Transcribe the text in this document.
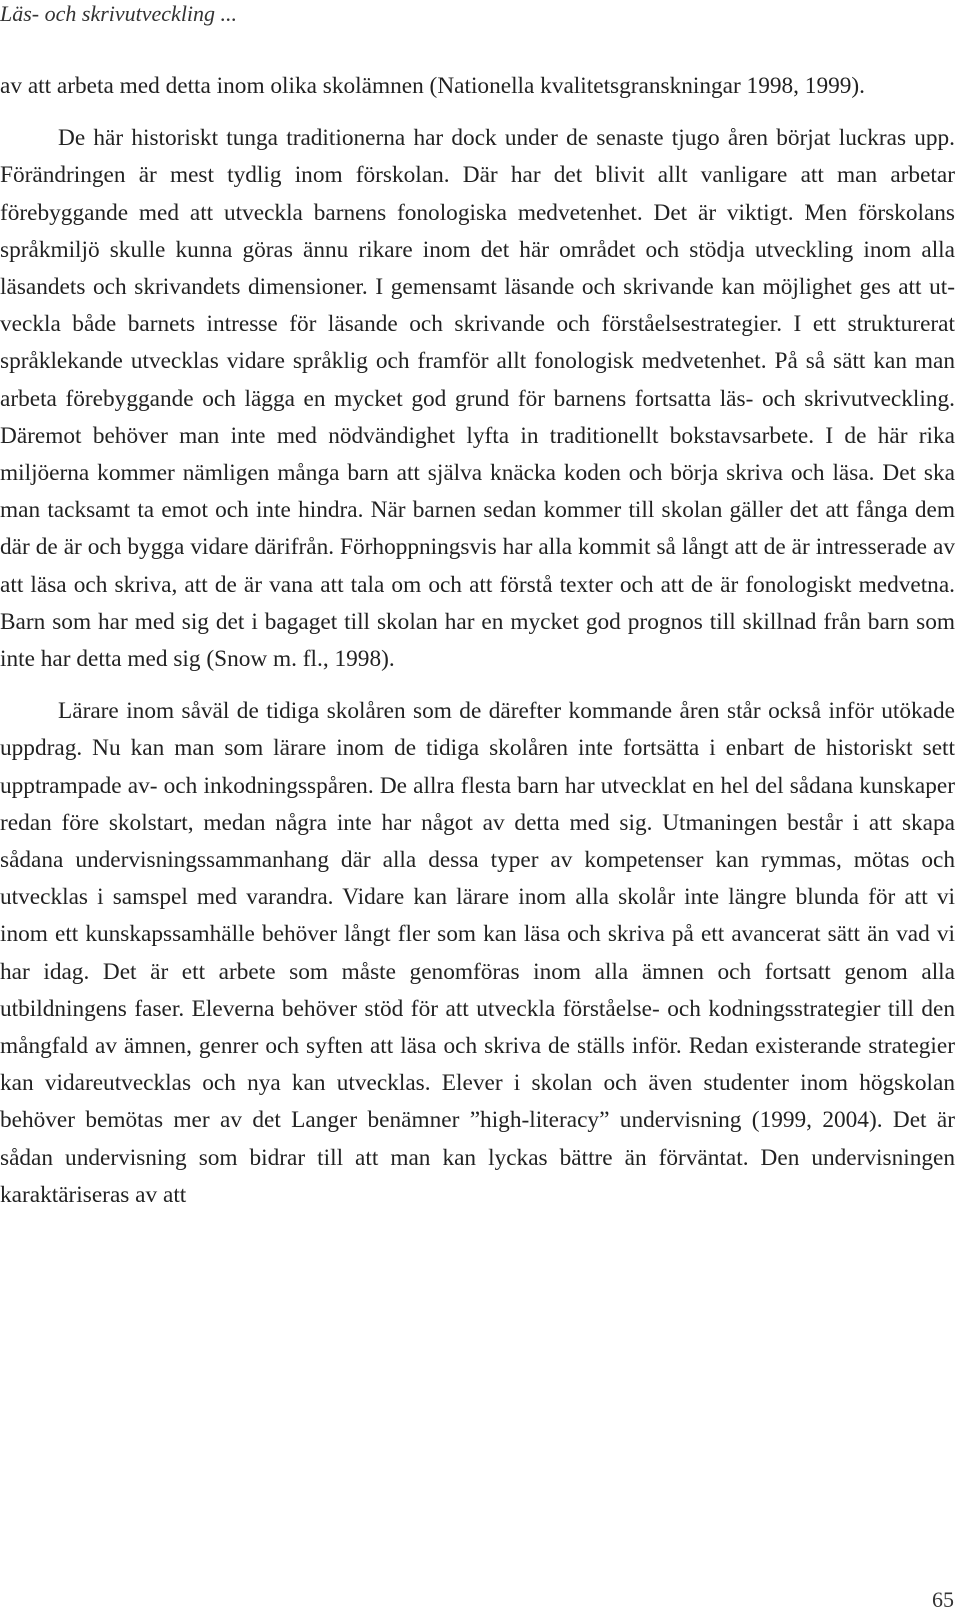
Läs- och skrivutveckling ...

av att arbeta med detta inom olika skolämnen (Nationella kvalitetsgranskningar 1998, 1999).

De här historiskt tunga traditionerna har dock under de senaste tjugo åren börjat luckras upp. Förändringen är mest tydlig inom förskolan. Där har det blivit allt vanligare att man arbetar förebyggande med att utveckla barnens fonologiska medvetenhet. Det är viktigt. Men förskolans språkmiljö skulle kunna göras ännu rikare inom det här området och stödja utveckling inom alla läsandets och skrivandets dimensioner. I gemensamt läsande och skrivande kan möjlighet ges att utveckla både barnets intresse för läsande och skrivande och förståelsestrategier. I ett strukturerat språklekande utvecklas vidare språklig och framför allt fonologisk medvetenhet. På så sätt kan man arbeta förebyggande och lägga en mycket god grund för barnens fortsatta läs- och skrivutveckling. Däremot behöver man inte med nödvändighet lyfta in traditionellt bokstavsarbete. I de här rika miljöerna kommer nämligen många barn att själva knäcka koden och börja skriva och läsa. Det ska man tacksamt ta emot och inte hindra. När barnen sedan kommer till skolan gäller det att fånga dem där de är och bygga vidare därifrån. Förhoppningsvis har alla kommit så långt att de är intresserade av att läsa och skriva, att de är vana att tala om och att förstå texter och att de är fonologiskt medvetna. Barn som har med sig det i bagaget till skolan har en mycket god prognos till skillnad från barn som inte har detta med sig (Snow m. fl., 1998).

Lärare inom såväl de tidiga skolåren som de därefter kommande åren står också inför utökade uppdrag. Nu kan man som lärare inom de tidiga skolåren inte fortsätta i enbart de historiskt sett upptrampade av- och inkodningsspåren. De allra flesta barn har utvecklat en hel del sådana kunskaper redan före skolstart, medan några inte har något av detta med sig. Utmaningen består i att skapa sådana undervisningssammanhang där alla dessa typer av kompetenser kan rymmas, mötas och utvecklas i samspel med varandra. Vidare kan lärare inom alla skolår inte längre blunda för att vi inom ett kunskapssamhälle behöver långt fler som kan läsa och skriva på ett avancerat sätt än vad vi har idag. Det är ett arbete som måste genomföras inom alla ämnen och fortsatt genom alla utbildningens faser. Eleverna behöver stöd för att utveckla förståelse- och kodningsstrategier till den mångfald av ämnen, genrer och syften att läsa och skriva de ställs inför. Redan existerande strategier kan vidareutvecklas och nya kan utvecklas. Elever i skolan och även studenter inom högskolan behöver bemötas mer av det Langer benämner ”high-literacy” undervisning (1999, 2004). Det är sådan undervisning som bidrar till att man kan lyckas bättre än förväntat. Den undervisningen karaktäriseras av att

65
